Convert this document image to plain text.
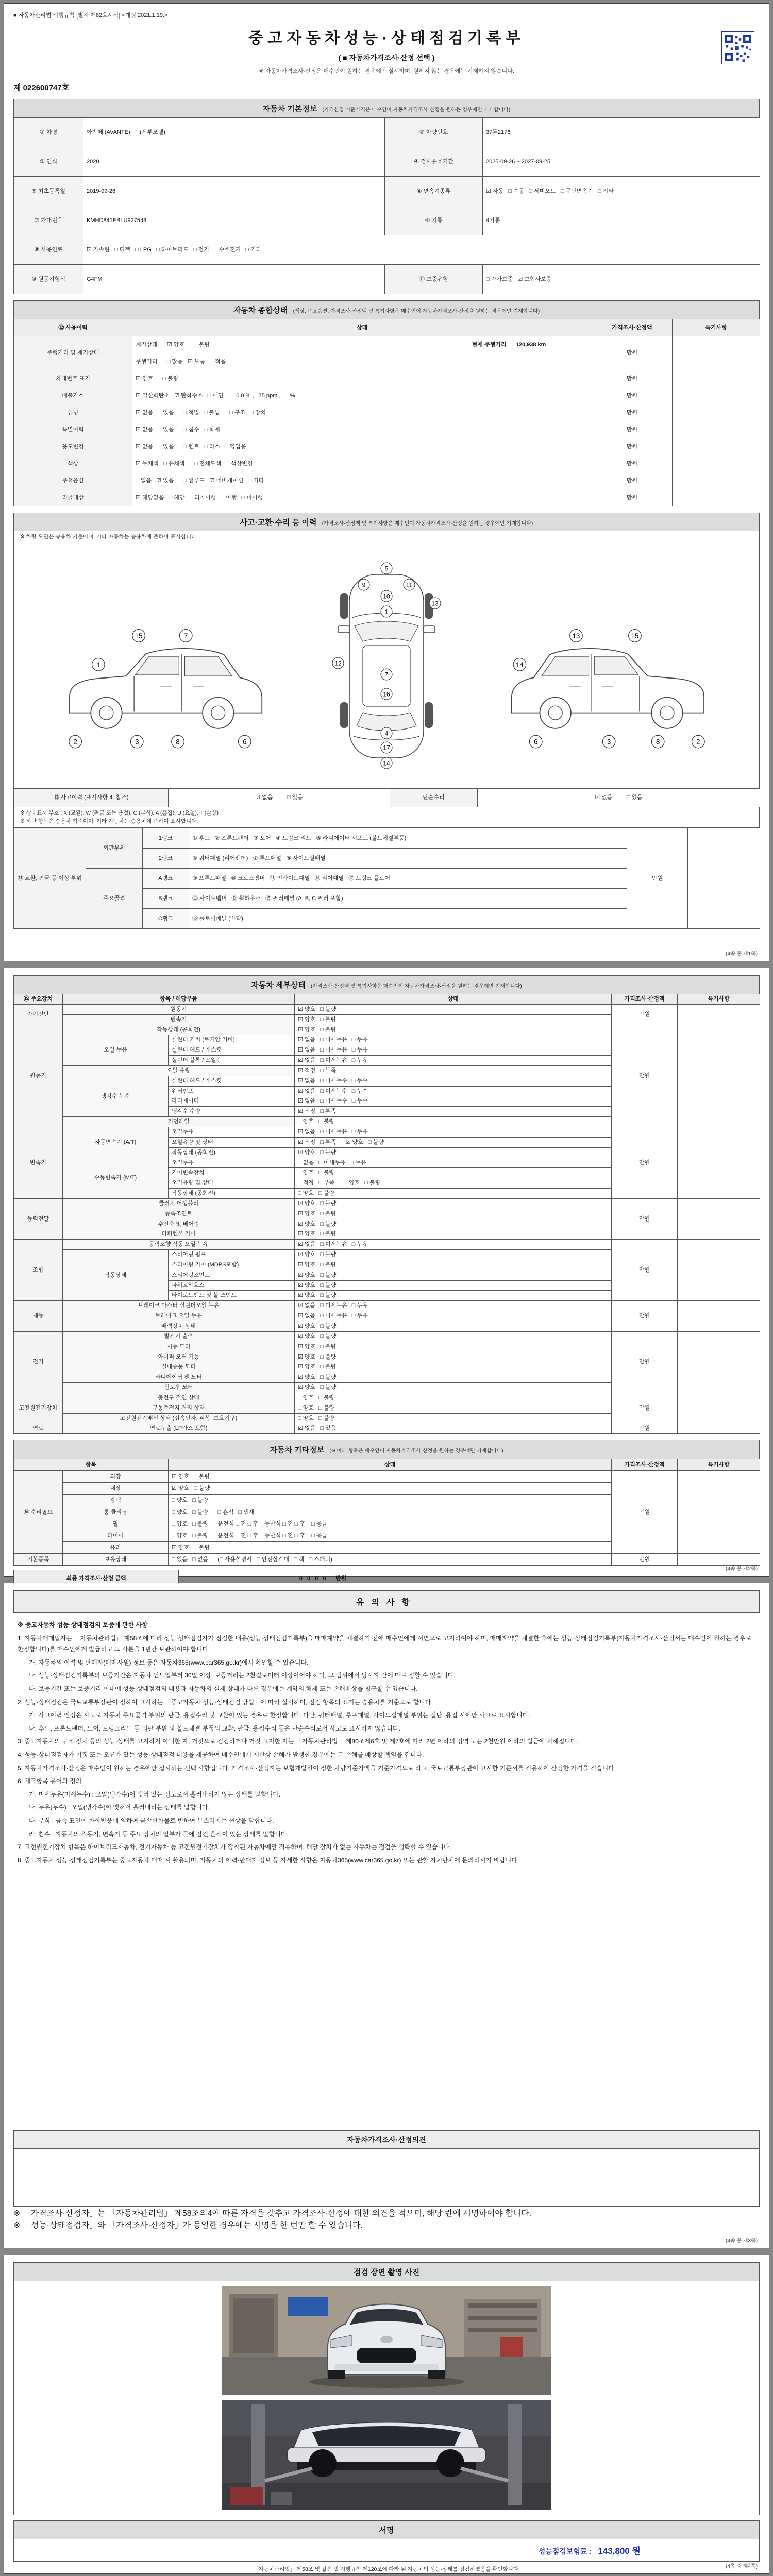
■ 자동차관리법 시행규칙 [별지 제82호서식] <개정 2021.1.19.>
중고자동차성능·상태점검기록부
( ■ 자동차가격조사·산정 선택 )
※ 자동차가격조사·산정은 매수인이 원하는 경우에만 실시하며, 원하지 않는 경우에는 기재하지 않습니다.
제 022600747호
자동차 기본정보 (가격산정 기준가격은 매수인이 자동차가격조사·산정을 원하는 경우에만 기재합니다)
① 차명	아반떼 (AVANTE)      (세부모델)	② 차량번호	37두2176
③ 연식	2020	④ 검사유효기간	2025-09-26 ~ 2027-09-25
⑤ 최초등록일	2019-09-26	⑥ 변속기종류	☑ 자동   □ 수동   □ 세미오토   □ 무단변속기   □ 기타
⑦ 차대번호	KMHD841EBLU927543	⑧ 기통	4기통
⑨ 사용연료	☑ 가솔린   □ 디젤   □ LPG   □ 하이브리드   □ 전기   □ 수소전기   □ 기타		
⑩ 원동기형식	G4FM	⑪ 보증유형	□ 자가보증   ☑ 보험사보증
자동차 종합상태 (색상, 주요옵션, 가격조사·산정액 및 특기사항은 매수인이 자동차가격조사·산정을 원하는 경우에만 기재합니다)
⑫ 사용이력	상태		가격조사·산정액	특기사항
주행거리 및 계기상태	계기상태      ☑ 양호      □ 불량	현재 주행거리      120,938 km	만원	
	주행거리      □ 많음   ☑ 보통   □ 적음			
차대번호 표기	☑ 양호      □ 불량		만원	
배출가스	☑ 일산화탄소   ☑ 탄화수소   □ 매연        0.0 % ,   75 ppm ,      %		만원	
튜닝	☑ 없음   □ 있음      □ 적법   □ 불법      □ 구조   □ 장치		만원	
특별이력	☑ 없음   □ 있음      □ 침수   □ 화재		만원	
용도변경	☑ 없음   □ 있음      □ 렌트   □ 리스   □ 영업용		만원	
색상	☑ 무채색   □ 유채색      □ 전체도색   □ 색상변경		만원	
주요옵션	□ 없음   ☑ 있음      □ 썬루프   ☑ 네비게이션   □ 기타		만원	
리콜대상	☑ 해당없음   □ 해당      리콜이행   □ 이행   □ 미이행		만원	
사고·교환·수리 등 이력 (가격조사·산정액 및 특기사항은 매수인이 자동차가격조사·산정을 원하는 경우에만 기재합니다)
※ 차량 도면은 승용차 기준이며, 기타 자동차는 승용차에 준하여 표시합니다.
1
2	3
7
15
8	6
5
9
10
11
1
13
12
7
16
4
17
14
14
6
13	15
3	8	2
⑬ 사고이력 (표시사항 4. 참조)	☑ 없음         □ 있음	단순수리	☑ 없음         □ 있음
※ 상태표시 부호 : X (교환), W (판금 또는 용접), C (부식), A (흠집), U (요철), T (손상)
※ 하단 항목은 승용차 기준이며, 기타 자동차는 승용차에 준하여 표시합니다.
⑭ 교환, 판금 등 이상 부위	외판부위	1랭크	① 후드   ② 프론트펜더   ③ 도어   ④ 트렁크 리드   ⑤ 라디에이터 서포트 (볼트체결부품)	만원	
		2랭크	⑥ 쿼터패널 (리어펜더)   ⑦ 루프패널   ⑧ 사이드실패널		
	주요골격	A랭크	⑨ 프론트패널   ⑩ 크로스멤버   ⑪ 인사이드패널   ⑭ 리어패널   ⑰ 트렁크 플로어		
		B랭크	⑫ 사이드멤버   ⑬ 휠하우스   ⑮ 필러패널 (A, B, C 필러 포함)		
		C랭크	⑯ 플로어패널 (바닥)		
(4쪽 중 제1쪽)
자동차 세부상태 (가격조사·산정액 및 특기사항은 매수인이 자동차가격조사·산정을 원하는 경우에만 기재합니다)
⑮ 주요장치	항목 / 해당부품		상태	가격조사·산정액	특기사항
자기진단	원동기		☑ 양호   □ 불량	만원	
	변속기		☑ 양호   □ 불량		
원동기	작동상태 (공회전)		☑ 양호   □ 불량	만원	
	오일 누유	실린더 커버 (로커암 커버)	☑ 없음   □ 미세누유   □ 누유		
		실린더 헤드 / 개스킷	☑ 없음   □ 미세누유   □ 누유		
		실린더 블록 / 오일팬	☑ 없음   □ 미세누유   □ 누유		
	오일 유량		☑ 적정   □ 부족		
	냉각수 누수	실린더 헤드 / 개스킷	☑ 없음   □ 미세누수   □ 누수		
		워터펌프	☑ 없음   □ 미세누수   □ 누수		
		라디에이터	☑ 없음   □ 미세누수   □ 누수		
		냉각수 수량	☑ 적정   □ 부족		
	커먼레일		□ 양호   □ 불량		
변속기	자동변속기 (A/T)	오일누유	☑ 없음   □ 미세누유   □ 누유	만원	
		오일유량 및 상태	☑ 적정   □ 부족      ☑ 양호   □ 불량		
		작동상태 (공회전)	☑ 양호   □ 불량		
	수동변속기 (M/T)	오일누유	□ 없음   □ 미세누유   □ 누유		
		기어변속장치	□ 양호   □ 불량		
		오일유량 및 상태	□ 적정   □ 부족      □ 양호   □ 불량		
		작동상태 (공회전)	□ 양호   □ 불량		
동력전달	클러치 어셈블리		☑ 양호   □ 불량	만원	
	등속조인트		☑ 양호   □ 불량		
	추진축 및 베어링		☑ 양호   □ 불량		
	디퍼렌셜 기어		☑ 양호   □ 불량		
조향	동력조향 작동 오일 누유		☑ 없음   □ 미세누유   □ 누유	만원	
	작동상태	스티어링 펌프	☑ 양호   □ 불량		
		스티어링 기어 (MDPS포함)	☑ 양호   □ 불량		
		스티어링조인트	☑ 양호   □ 불량		
		파워고압호스	☑ 양호   □ 불량		
		타이로드엔드 및 볼 조인트	☑ 양호   □ 불량		
제동	브레이크 마스터 실린더오일 누유		☑ 없음   □ 미세누유   □ 누유	만원	
	브레이크 오일 누유		☑ 없음   □ 미세누유   □ 누유		
	배력장치 상태		☑ 양호   □ 불량		
전기	발전기 출력		☑ 양호   □ 불량	만원	
	시동 모터		☑ 양호   □ 불량		
	와이퍼 모터 기능		☑ 양호   □ 불량		
	실내송풍 모터		☑ 양호   □ 불량		
	라디에이터 팬 모터		☑ 양호   □ 불량		
	윈도우 모터		☑ 양호   □ 불량		
고전원전기장치	충전구 절연 상태		□ 양호   □ 불량	만원	
	구동축전지 격리 상태		□ 양호   □ 불량		
	고전원전기배선 상태 (접속단자, 피복, 보호기구)		□ 양호   □ 불량		
연료	연료누출 (LP가스 포함)		☑ 없음   □ 있음	만원	
자동차 기타정보 (※ 아래 항목은 매수인이 자동차가격조사·산정을 원하는 경우에만 기재합니다)
항목		상태	가격조사·산정액	특기사항
⑯ 수리필요	외장	☑ 양호   □ 불량	만원	
	내장	☑ 양호   □ 불량		
	광택	□ 양호   □ 불량		
	룸 클리닝	□ 양호   □ 불량      □ 흔적   □ 냄새		
	휠	□ 양호   □ 불량      운전석 □ 전 □ 후    동반석 □ 전 □ 후    □ 응급		
	타이어	□ 양호   □ 불량      운전석 □ 전 □ 후    동반석 □ 전 □ 후    □ 응급		
	유리	☑ 양호   □ 불량		
기본품목	보유상태	□ 있음   □ 없음      (□ 사용설명서   □ 안전삼각대   □ 잭   □ 스패너)	만원	
최종 가격조사·산정 금액	0   0   0   0      만원	

(4쪽 중 제2쪽)
유의사항
※ 중고자동차 성능·상태점검의 보증에 관한 사항
1. 자동차매매업자는 「자동차관리법」 제58조에 따라 성능·상태점검자가 점검한 내용(성능·상태점검기록부)을 매매계약을 체결하기 전에 매수인에게 서면으로 고지하여야 하며, 매매계약을 체결한 후에는 성능·상태점검기록부(자동차가격조사·산정서는 매수인이 원하는 경우로 한정합니다)를 매수인에게 발급하고 그 사본을 1년간 보관하여야 합니다.
가. 자동차의 이력 및 판매자(매매사원) 정보 등은 자동차365(www.car365.go.kr)에서 확인할 수 있습니다.
나. 성능·상태점검기록부의 보증기간은 자동차 인도일부터 30일 이상, 보증거리는 2천킬로미터 이상이어야 하며, 그 범위에서 당사자 간에 따로 정할 수 있습니다.
다. 보증기간 또는 보증거리 이내에 성능·상태점검의 내용과 자동차의 실제 상태가 다른 경우에는 계약의 해제 또는 손해배상을 청구할 수 있습니다.
2. 성능·상태점검은 국토교통부장관이 정하여 고시하는 「중고자동차 성능·상태점검 방법」에 따라 실시하며, 점검 항목의 표기는 승용차를 기준으로 합니다.
가. 사고이력 인정은 사고로 자동차 주요골격 부위의 판금, 용접수리 및 교환이 있는 경우로 한정합니다. 다만, 쿼터패널, 루프패널, 사이드실패널 부위는 절단, 용접 시에만 사고로 표시합니다.
나. 후드, 프론트펜더, 도어, 트렁크리드 등 외판 부위 및 볼트체결 부품의 교환, 판금, 용접수리 등은 단순수리로서 사고로 표시하지 않습니다.
3. 중고자동차의 구조·장치 등의 성능·상태를 고지하지 아니한 자, 거짓으로 점검하거나 거짓 고지한 자는 「자동차관리법」 제80조제6호 및 제7호에 따라 2년 이하의 징역 또는 2천만원 이하의 벌금에 처해집니다.
4. 성능·상태점검자가 거짓 또는 오류가 있는 성능·상태점검 내용을 제공하여 매수인에게 재산상 손해가 발생한 경우에는 그 손해를 배상할 책임을 집니다.
5. 자동차가격조사·산정은 매수인이 원하는 경우에만 실시하는 선택 사항입니다. 가격조사·산정자는 보험개발원이 정한 차량기준가액을 기준가격으로 하고, 국토교통부장관이 고시한 기준서를 적용하여 산정한 가격을 적습니다.
6. 체크항목 용어의 정의
가. 미세누유(미세누수) : 오일(냉각수)이 맺혀 있는 정도로서 흘러내리지 않는 상태를 말합니다.
나. 누유(누수) : 오일(냉각수)이 맺혀서 흘러내리는 상태를 말합니다.
다. 부식 : 금속 표면이 화학반응에 의하여 금속산화물로 변하여 부스러지는 현상을 말합니다.
라. 침수 : 자동차의 원동기, 변속기 등 주요 장치의 일부가 물에 잠긴 흔적이 있는 상태를 말합니다.
7. 고전원전기장치 항목은 하이브리드자동차, 전기자동차 등 고전원전기장치가 장착된 자동차에만 적용하며, 해당 장치가 없는 자동차는 점검을 생략할 수 있습니다.
8. 중고자동차 성능·상태점검기록부는 중고자동차 매매 시 활용되며, 자동차의 이력·판매자 정보 등 자세한 사항은 자동차365(www.car365.go.kr) 또는 관할 자치단체에 문의하시기 바랍니다.
자동차가격조사·산정의견
※ 「가격조사·산정자」는 「자동차관리법」 제58조의4에 따른 자격을 갖추고 가격조사·산정에 대한 의견을 적으며, 해당 란에 서명하여야 합니다.
※ 「성능·상태점검자」와 「가격조사·산정자」가 동일한 경우에는 서명을 한 번만 할 수 있습니다.
(4쪽 중 제3쪽)
점검 장면 촬영 사진
서명
성능점검보험료 : 143,800 원
「자동차관리법」 제58조 및 같은 법 시행규칙 제120조에 따라 위 자동차의 성능·상태를 점검하였음을 확인합니다.	(4쪽 중 제4쪽)
